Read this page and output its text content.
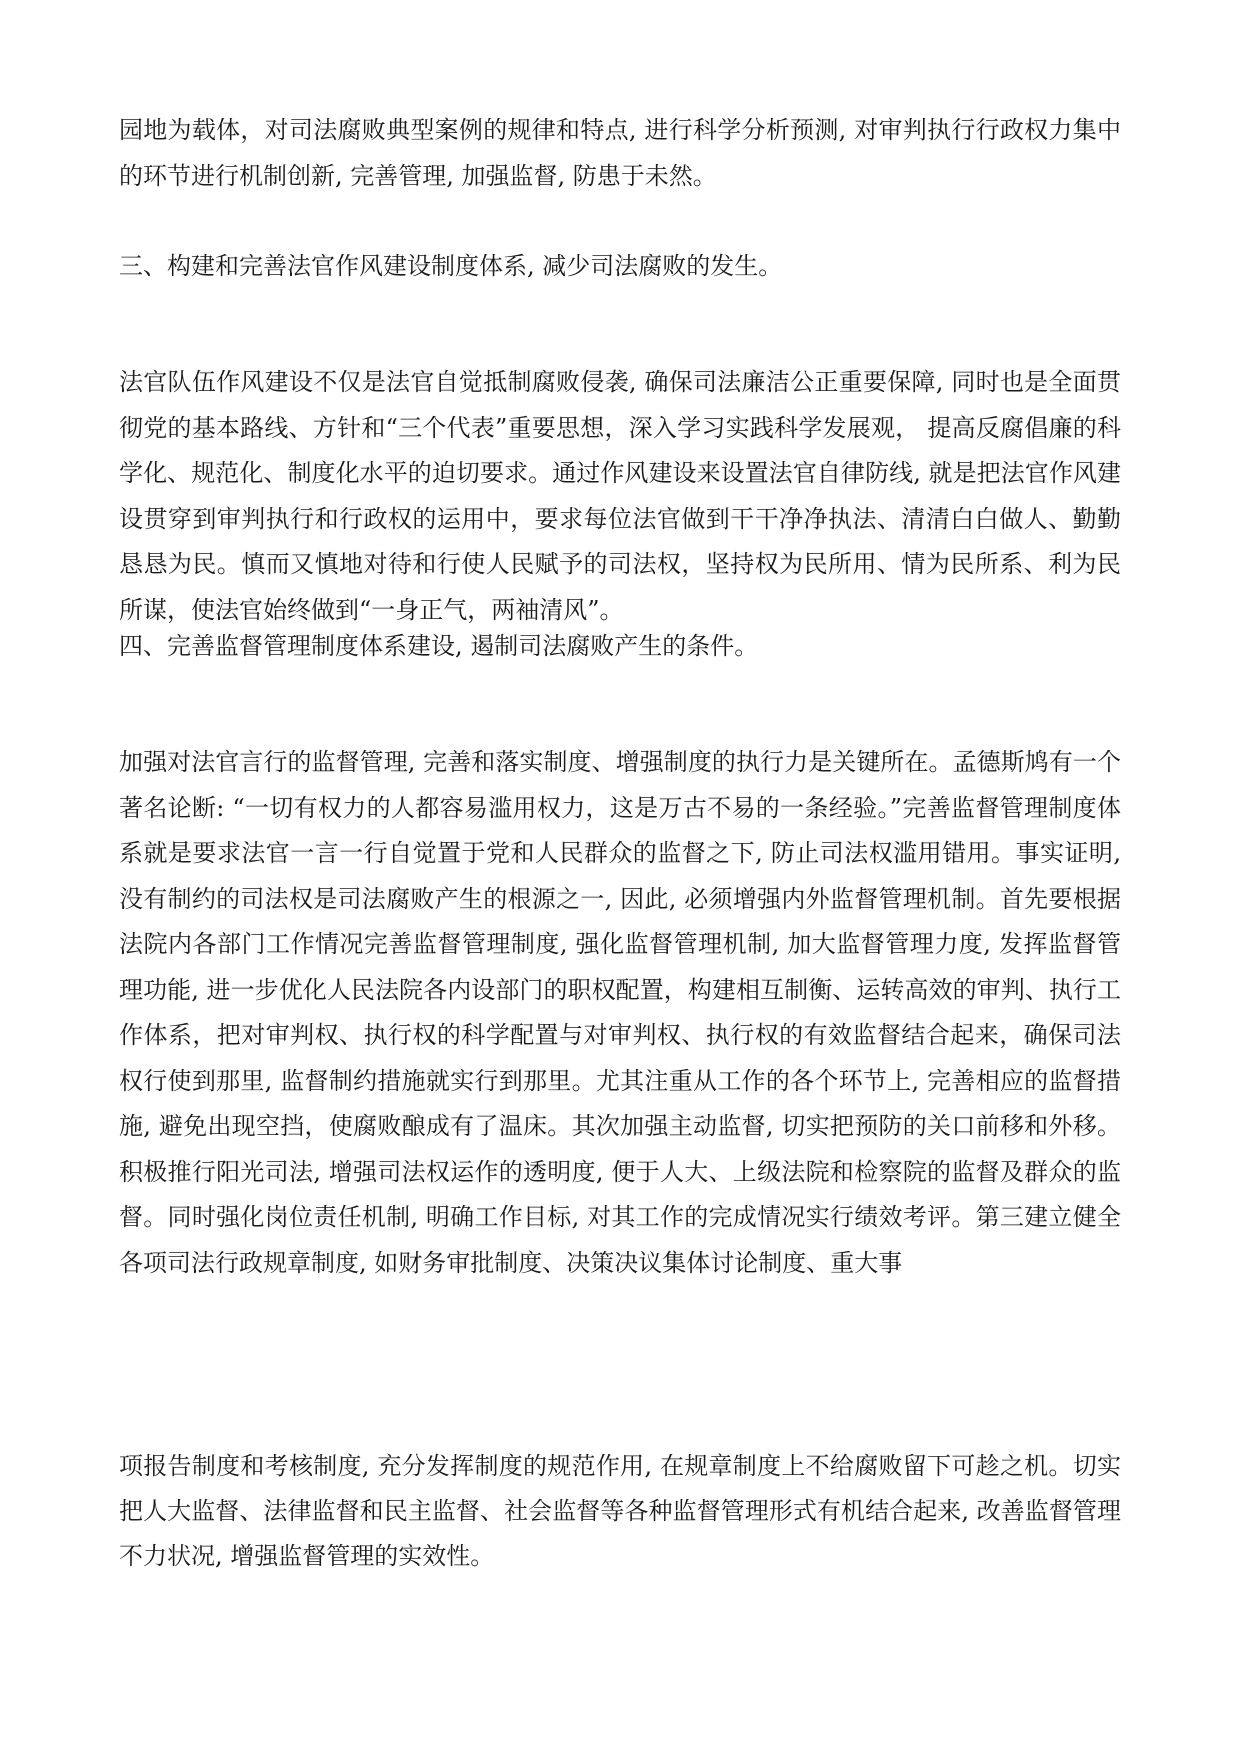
园地为载体，对司法腐败典型案例的规律和特点, 进行科学分析预测, 对审判执行行政权力集中的环节进行机制创新, 完善管理, 加强监督, 防患于未然。

三、构建和完善法官作风建设制度体系, 减少司法腐败的发生。

法官队伍作风建设不仅是法官自觉抵制腐败侵袭, 确保司法廉洁公正重要保障, 同时也是全面贯彻党的基本路线、方针和“三个代表”重要思想，深入学习实践科学发展观， 提高反腐倡廉的科学化、规范化、制度化水平的迫切要求。通过作风建设来设置法官自律防线, 就是把法官作风建设贯穿到审判执行和行政权的运用中，要求每位法官做到干干净净执法、清清白白做人、勤勤恳恳为民。慎而又慎地对待和行使人民赋予的司法权，坚持权为民所用、情为民所系、利为民所谋，使法官始终做到“一身正气，两袖清风”。

四、完善监督管理制度体系建设, 遏制司法腐败产生的条件。

加强对法官言行的监督管理, 完善和落实制度、增强制度的执行力是关键所在。孟德斯鸠有一个著名论断: “一切有权力的人都容易滥用权力，这是万古不易的一条经验。”完善监督管理制度体系就是要求法官一言一行自觉置于党和人民群众的监督之下, 防止司法权滥用错用。事实证明, 没有制约的司法权是司法腐败产生的根源之一, 因此, 必须增强内外监督管理机制。首先要根据法院内各部门工作情况完善监督管理制度, 强化监督管理机制, 加大监督管理力度, 发挥监督管理功能, 进一步优化人民法院各内设部门的职权配置，构建相互制衡、运转高效的审判、执行工作体系，把对审判权、执行权的科学配置与对审判权、执行权的有效监督结合起来，确保司法权行使到那里, 监督制约措施就实行到那里。尤其注重从工作的各个环节上, 完善相应的监督措施, 避免出现空挡，使腐败酿成有了温床。其次加强主动监督, 切实把预防的关口前移和外移。积极推行阳光司法, 增强司法权运作的透明度, 便于人大、上级法院和检察院的监督及群众的监督。同时强化岗位责任机制, 明确工作目标, 对其工作的完成情况实行绩效考评。第三建立健全各项司法行政规章制度, 如财务审批制度、决策决议集体讨论制度、重大事

项报告制度和考核制度, 充分发挥制度的规范作用, 在规章制度上不给腐败留下可趁之机。切实把人大监督、法律监督和民主监督、社会监督等各种监督管理形式有机结合起来, 改善监督管理不力状况, 增强监督管理的实效性。
